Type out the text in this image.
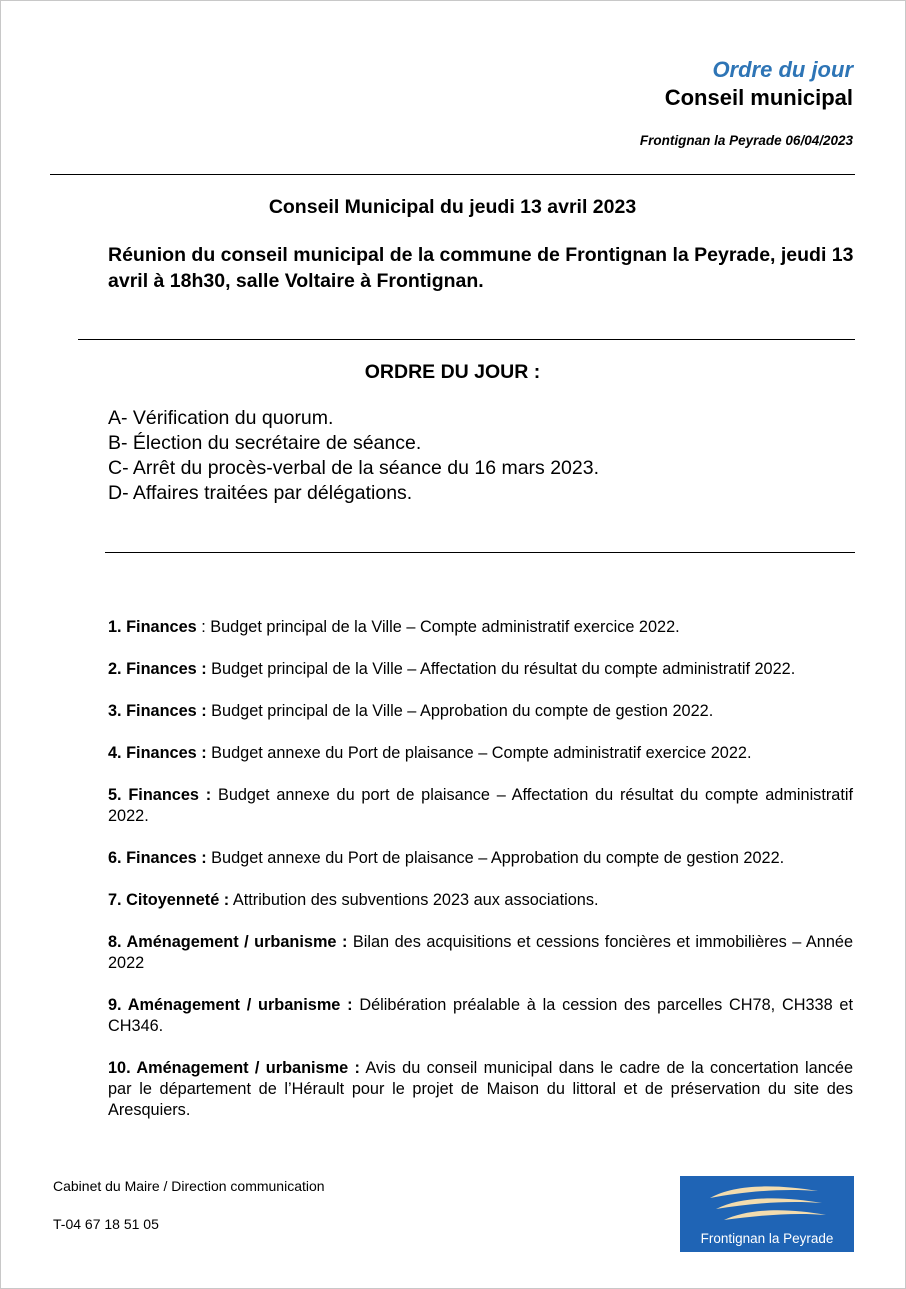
Ordre du jour
Conseil municipal
Frontignan la Peyrade 06/04/2023
Conseil Municipal du jeudi 13 avril 2023
Réunion du conseil municipal de la commune de Frontignan la Peyrade, jeudi 13 avril à 18h30, salle Voltaire à Frontignan.
ORDRE DU JOUR :
A- Vérification du quorum.
B- Élection du secrétaire de séance.
C- Arrêt du procès-verbal de la séance du 16 mars 2023.
D- Affaires traitées par délégations.
1. Finances : Budget principal de la Ville – Compte administratif exercice 2022.
2. Finances : Budget principal de la Ville – Affectation du résultat du compte administratif 2022.
3. Finances : Budget principal de la Ville – Approbation du compte de gestion 2022.
4. Finances : Budget annexe du Port de plaisance – Compte administratif exercice 2022.
5. Finances : Budget annexe du port de plaisance – Affectation du résultat du compte administratif 2022.
6. Finances : Budget annexe du Port de plaisance – Approbation du compte de gestion 2022.
7. Citoyenneté : Attribution des subventions 2023 aux associations.
8. Aménagement / urbanisme : Bilan des acquisitions et cessions foncières et immobilières – Année 2022
9. Aménagement / urbanisme : Délibération préalable à la cession des parcelles CH78, CH338 et CH346.
10. Aménagement / urbanisme : Avis du conseil municipal dans le cadre de la concertation lancée par le département de l’Hérault pour le projet de Maison du littoral et de préservation du site des Aresquiers.
Cabinet du Maire / Direction communication
T-04 67 18 51 05
Frontignan la Peyrade
